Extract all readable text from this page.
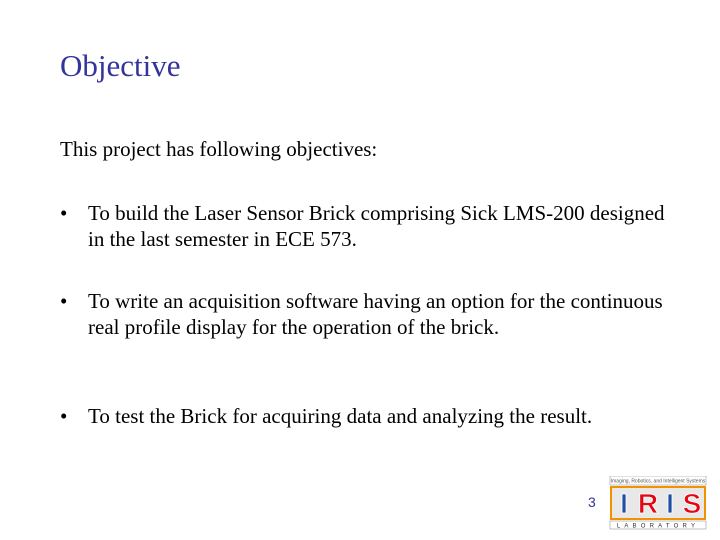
Objective
This project has following objectives:
• To build the Laser Sensor Brick comprising Sick LMS-200 designed in the last semester in ECE 573.
• To write an acquisition software having an option for the continuous real profile display for the operation of the brick.
• To test the Brick for acquiring data and analyzing the result.
3
Imaging, Robotics, and Intelligent Systems
I R I S
LABORATORY
